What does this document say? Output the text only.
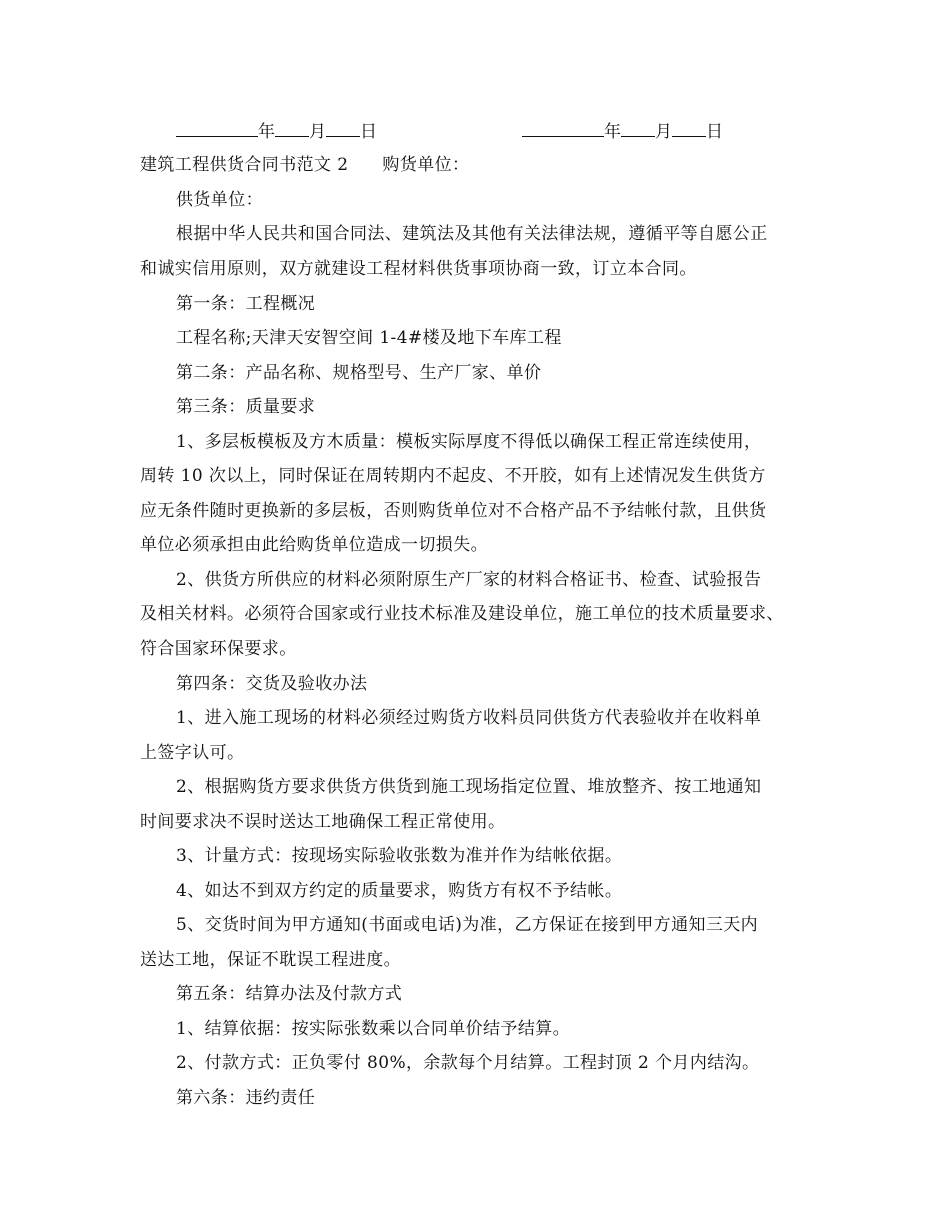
年 月 日	年 月 日
建筑工程供货合同书范文 2 购货单位：
供货单位：
根据中华人民共和国合同法、建筑法及其他有关法律法规，遵循平等自愿公正
和诚实信用原则，双方就建设工程材料供货事项协商一致，订立本合同。
第一条：工程概况
工程名称;天津天安智空间 1-4#楼及地下车库工程
第二条：产品名称、规格型号、生产厂家、单价
第三条：质量要求
1、多层板模板及方木质量：模板实际厚度不得低以确保工程正常连续使用，
周转 10 次以上，同时保证在周转期内不起皮、不开胶，如有上述情况发生供货方
应无条件随时更换新的多层板，否则购货单位对不合格产品不予结帐付款，且供货
单位必须承担由此给购货单位造成一切损失。
2、供货方所供应的材料必须附原生产厂家的材料合格证书、检查、试验报告
及相关材料。必须符合国家或行业技术标准及建设单位，施工单位的技术质量要求、
符合国家环保要求。
第四条：交货及验收办法
1、进入施工现场的材料必须经过购货方收料员同供货方代表验收并在收料单
上签字认可。
2、根据购货方要求供货方供货到施工现场指定位置、堆放整齐、按工地通知
时间要求决不误时送达工地确保工程正常使用。
3、计量方式：按现场实际验收张数为准并作为结帐依据。
4、如达不到双方约定的质量要求，购货方有权不予结帐。
5、交货时间为甲方通知(书面或电话)为准，乙方保证在接到甲方通知三天内
送达工地，保证不耽误工程进度。
第五条：结算办法及付款方式
1、结算依据：按实际张数乘以合同单价结予结算。
2、付款方式：正负零付 80%，余款每个月结算。工程封顶 2 个月内结沟。
第六条：违约责任
